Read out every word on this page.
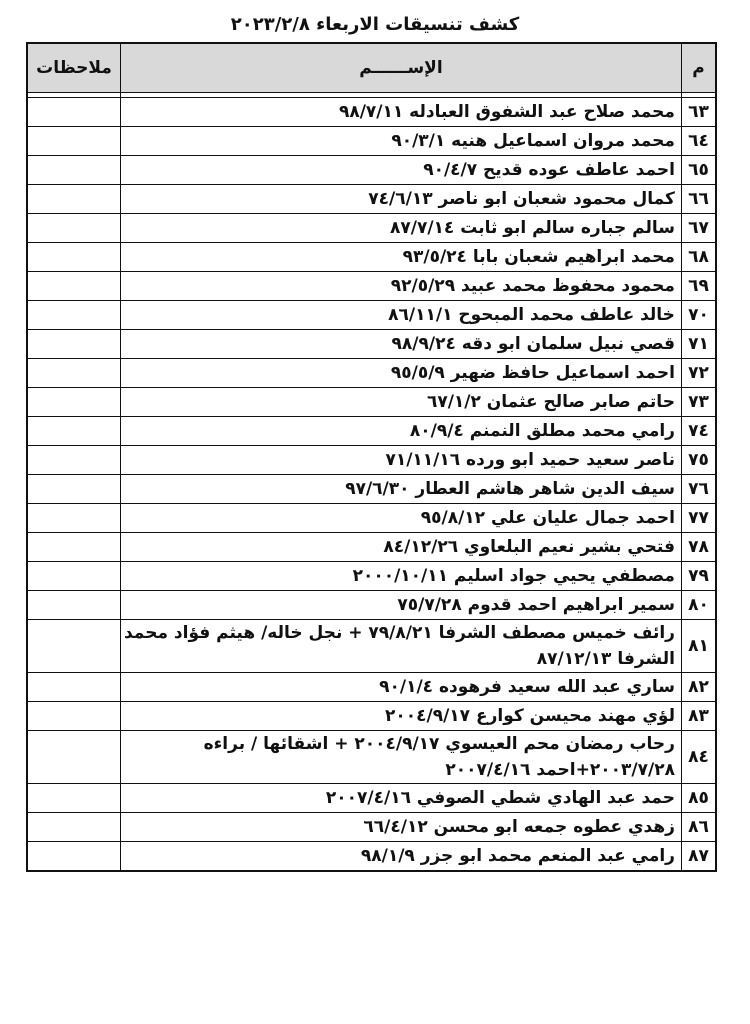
كشف تنسيقات الاربعاء ٢٠٢٣/٢/٨
م	الإســــــم	ملاحظات

٦٣	محمد صلاح عبد الشفوق العبادله ٩٨/٧/١١	
٦٤	محمد مروان اسماعيل هنيه ٩٠/٣/١	
٦٥	احمد عاطف عوده قديح ٩٠/٤/٧	
٦٦	كمال محمود شعبان ابو ناصر ٧٤/٦/١٣	
٦٧	سالم جباره سالم ابو ثابت ٨٧/٧/١٤	
٦٨	محمد ابراهيم شعبان بابا ٩٣/٥/٢٤	
٦٩	محمود محفوظ محمد عبيد ٩٢/٥/٢٩	
٧٠	خالد عاطف محمد المبحوح ٨٦/١١/١	
٧١	قصي نبيل سلمان ابو دقه ٩٨/٩/٢٤	
٧٢	احمد اسماعيل حافظ ضهير ٩٥/٥/٩	
٧٣	حاتم صابر صالح عثمان ٦٧/١/٢	
٧٤	رامي محمد مطلق النمنم ٨٠/٩/٤	
٧٥	ناصر سعيد حميد ابو ورده ٧١/١١/١٦	
٧٦	سيف الدين شاهر هاشم العطار ٩٧/٦/٣٠	
٧٧	احمد جمال عليان علي ٩٥/٨/١٢	
٧٨	فتحي بشير نعيم البلعاوي ٨٤/١٢/٢٦	
٧٩	مصطفي يحيي جواد اسليم ٢٠٠٠/١٠/١١	
٨٠	سمير ابراهيم احمد قدوم ٧٥/٧/٢٨	
٨١	رائف خميس مصطف الشرفا ٧٩/٨/٢١ + نجل خاله/ هيثم فؤاد محمد الشرفا ٨٧/١٢/١٣	
٨٢	ساري عبد الله سعيد فرهوده ٩٠/١/٤	
٨٣	لؤي مهند محيسن كوارع ٢٠٠٤/٩/١٧	
٨٤	رحاب رمضان محم العيسوي ٢٠٠٤/٩/١٧ + اشقائها / براءه ٢٠٠٣/٧/٢٨+احمد ٢٠٠٧/٤/١٦	
٨٥	حمد عبد الهادي شطي الصوفي ٢٠٠٧/٤/١٦	
٨٦	زهدي عطوه جمعه ابو محسن ٦٦/٤/١٢	
٨٧	رامي عبد المنعم محمد ابو جزر ٩٨/١/٩	
